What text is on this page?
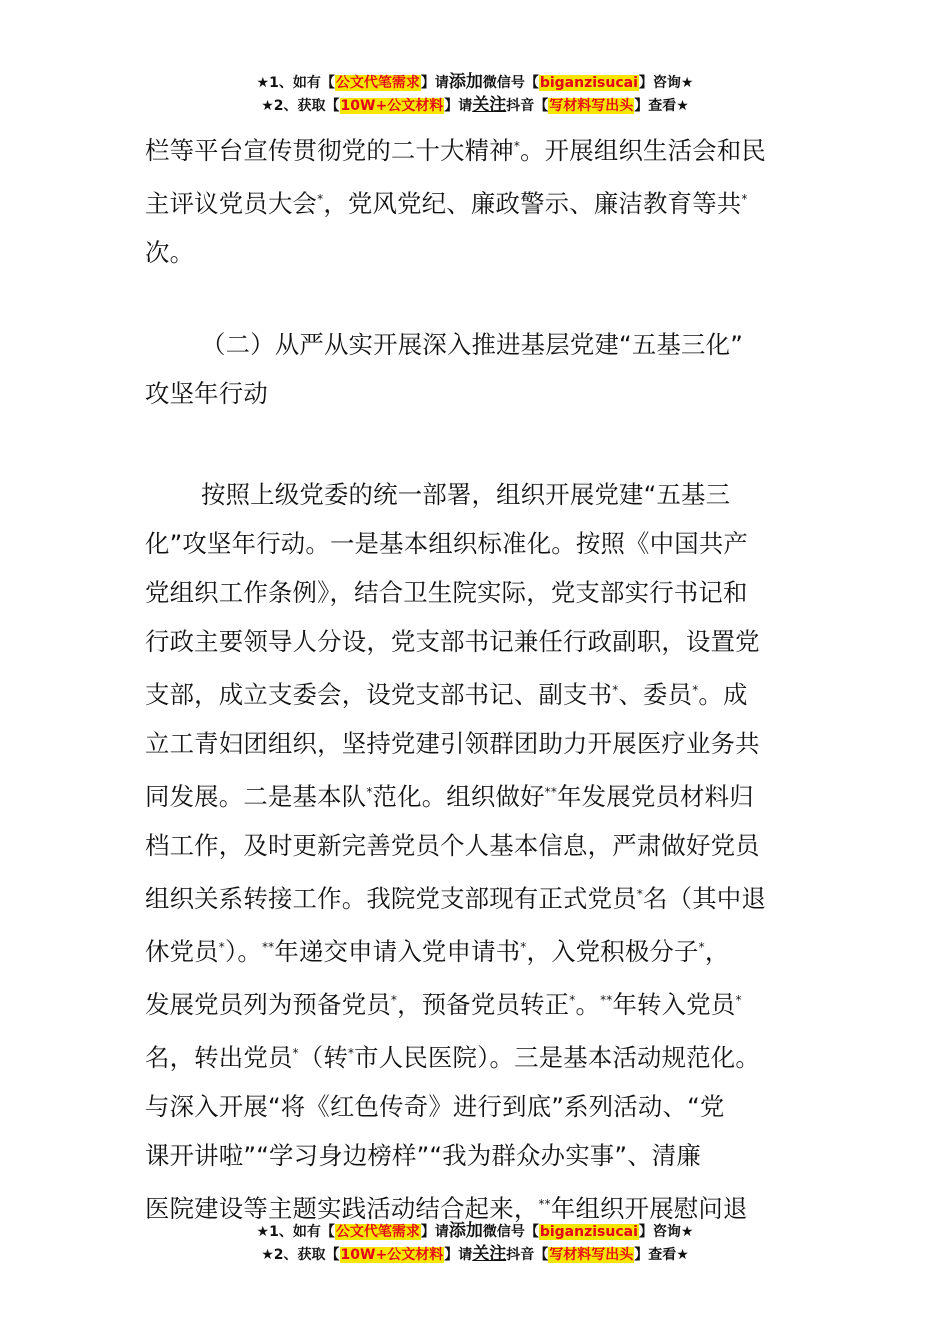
★1、如有【公文代笔需求】请添加微信号【biganzisucai】咨询★
★2、获取【10W+公文材料】请关注抖音【写材料写出头】查看★

栏等平台宣传贯彻党的二十大精神*。开展组织生活会和民

主评议党员大会*，党风党纪、廉政警示、廉洁教育等共*

次。

（二）从严从实开展深入推进基层党建“五基三化”

攻坚年行动

按照上级党委的统一部署，组织开展党建“五基三

化”攻坚年行动。一是基本组织标准化。按照《中国共产

党组织工作条例》，结合卫生院实际，党支部实行书记和

行政主要领导人分设，党支部书记兼任行政副职，设置党

支部，成立支委会，设党支部书记、副支书*、委员*。成

立工青妇团组织，坚持党建引领群团助力开展医疗业务共

同发展。二是基本队*范化。组织做好**年发展党员材料归

档工作，及时更新完善党员个人基本信息，严肃做好党员

组织关系转接工作。我院党支部现有正式党员*名（其中退

休党员*）。**年递交申请入党申请书*，入党积极分子*，

发展党员列为预备党员*，预备党员转正*。**年转入党员*

名，转出党员*（转*市人民医院）。三是基本活动规范化。

与深入开展“将《红色传奇》进行到底”系列活动、“党

课开讲啦”“学习身边榜样”“我为群众办实事”、清廉

医院建设等主题实践活动结合起来，**年组织开展慰问退

★1、如有【公文代笔需求】请添加微信号【biganzisucai】咨询★
★2、获取【10W+公文材料】请关注抖音【写材料写出头】查看★
